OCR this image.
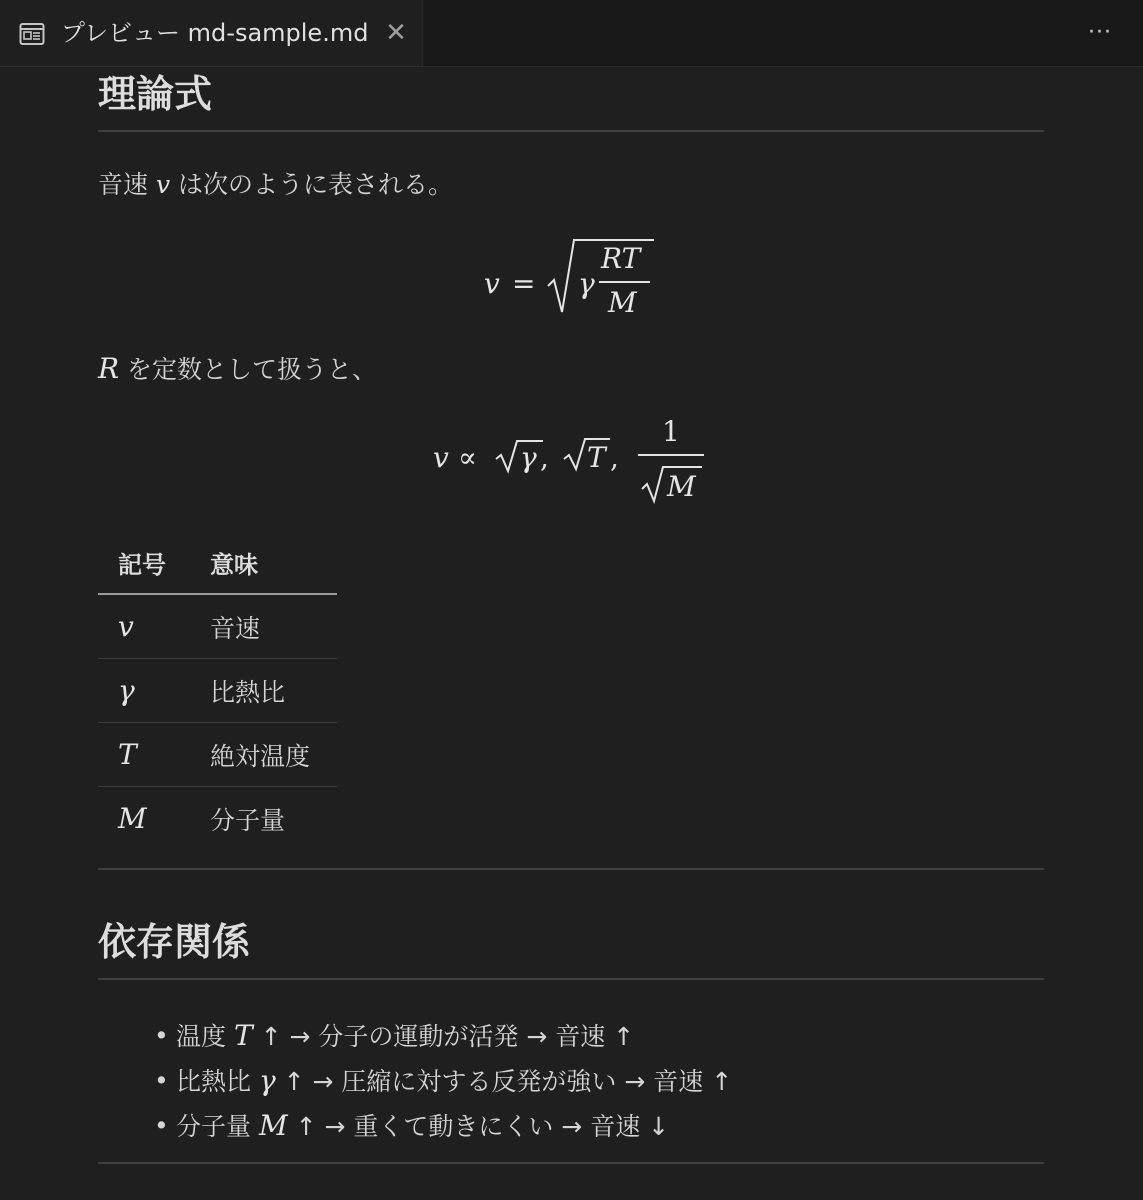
プレビュー md-sample.md ✕	···
理論式
音速 v は次のように表される。
v = γ
RT
M
R を定数として扱うと、
v ∝ γ , T ,
1
M
記号	意味
v	音速
γ	比熱比
T	絶対温度
M	分子量
依存関係
• 温度 T ↑ → 分子の運動が活発 → 音速 ↑
• 比熱比 γ ↑ → 圧縮に対する反発が強い → 音速 ↑
• 分子量 M ↑ → 重くて動きにくい → 音速 ↓
